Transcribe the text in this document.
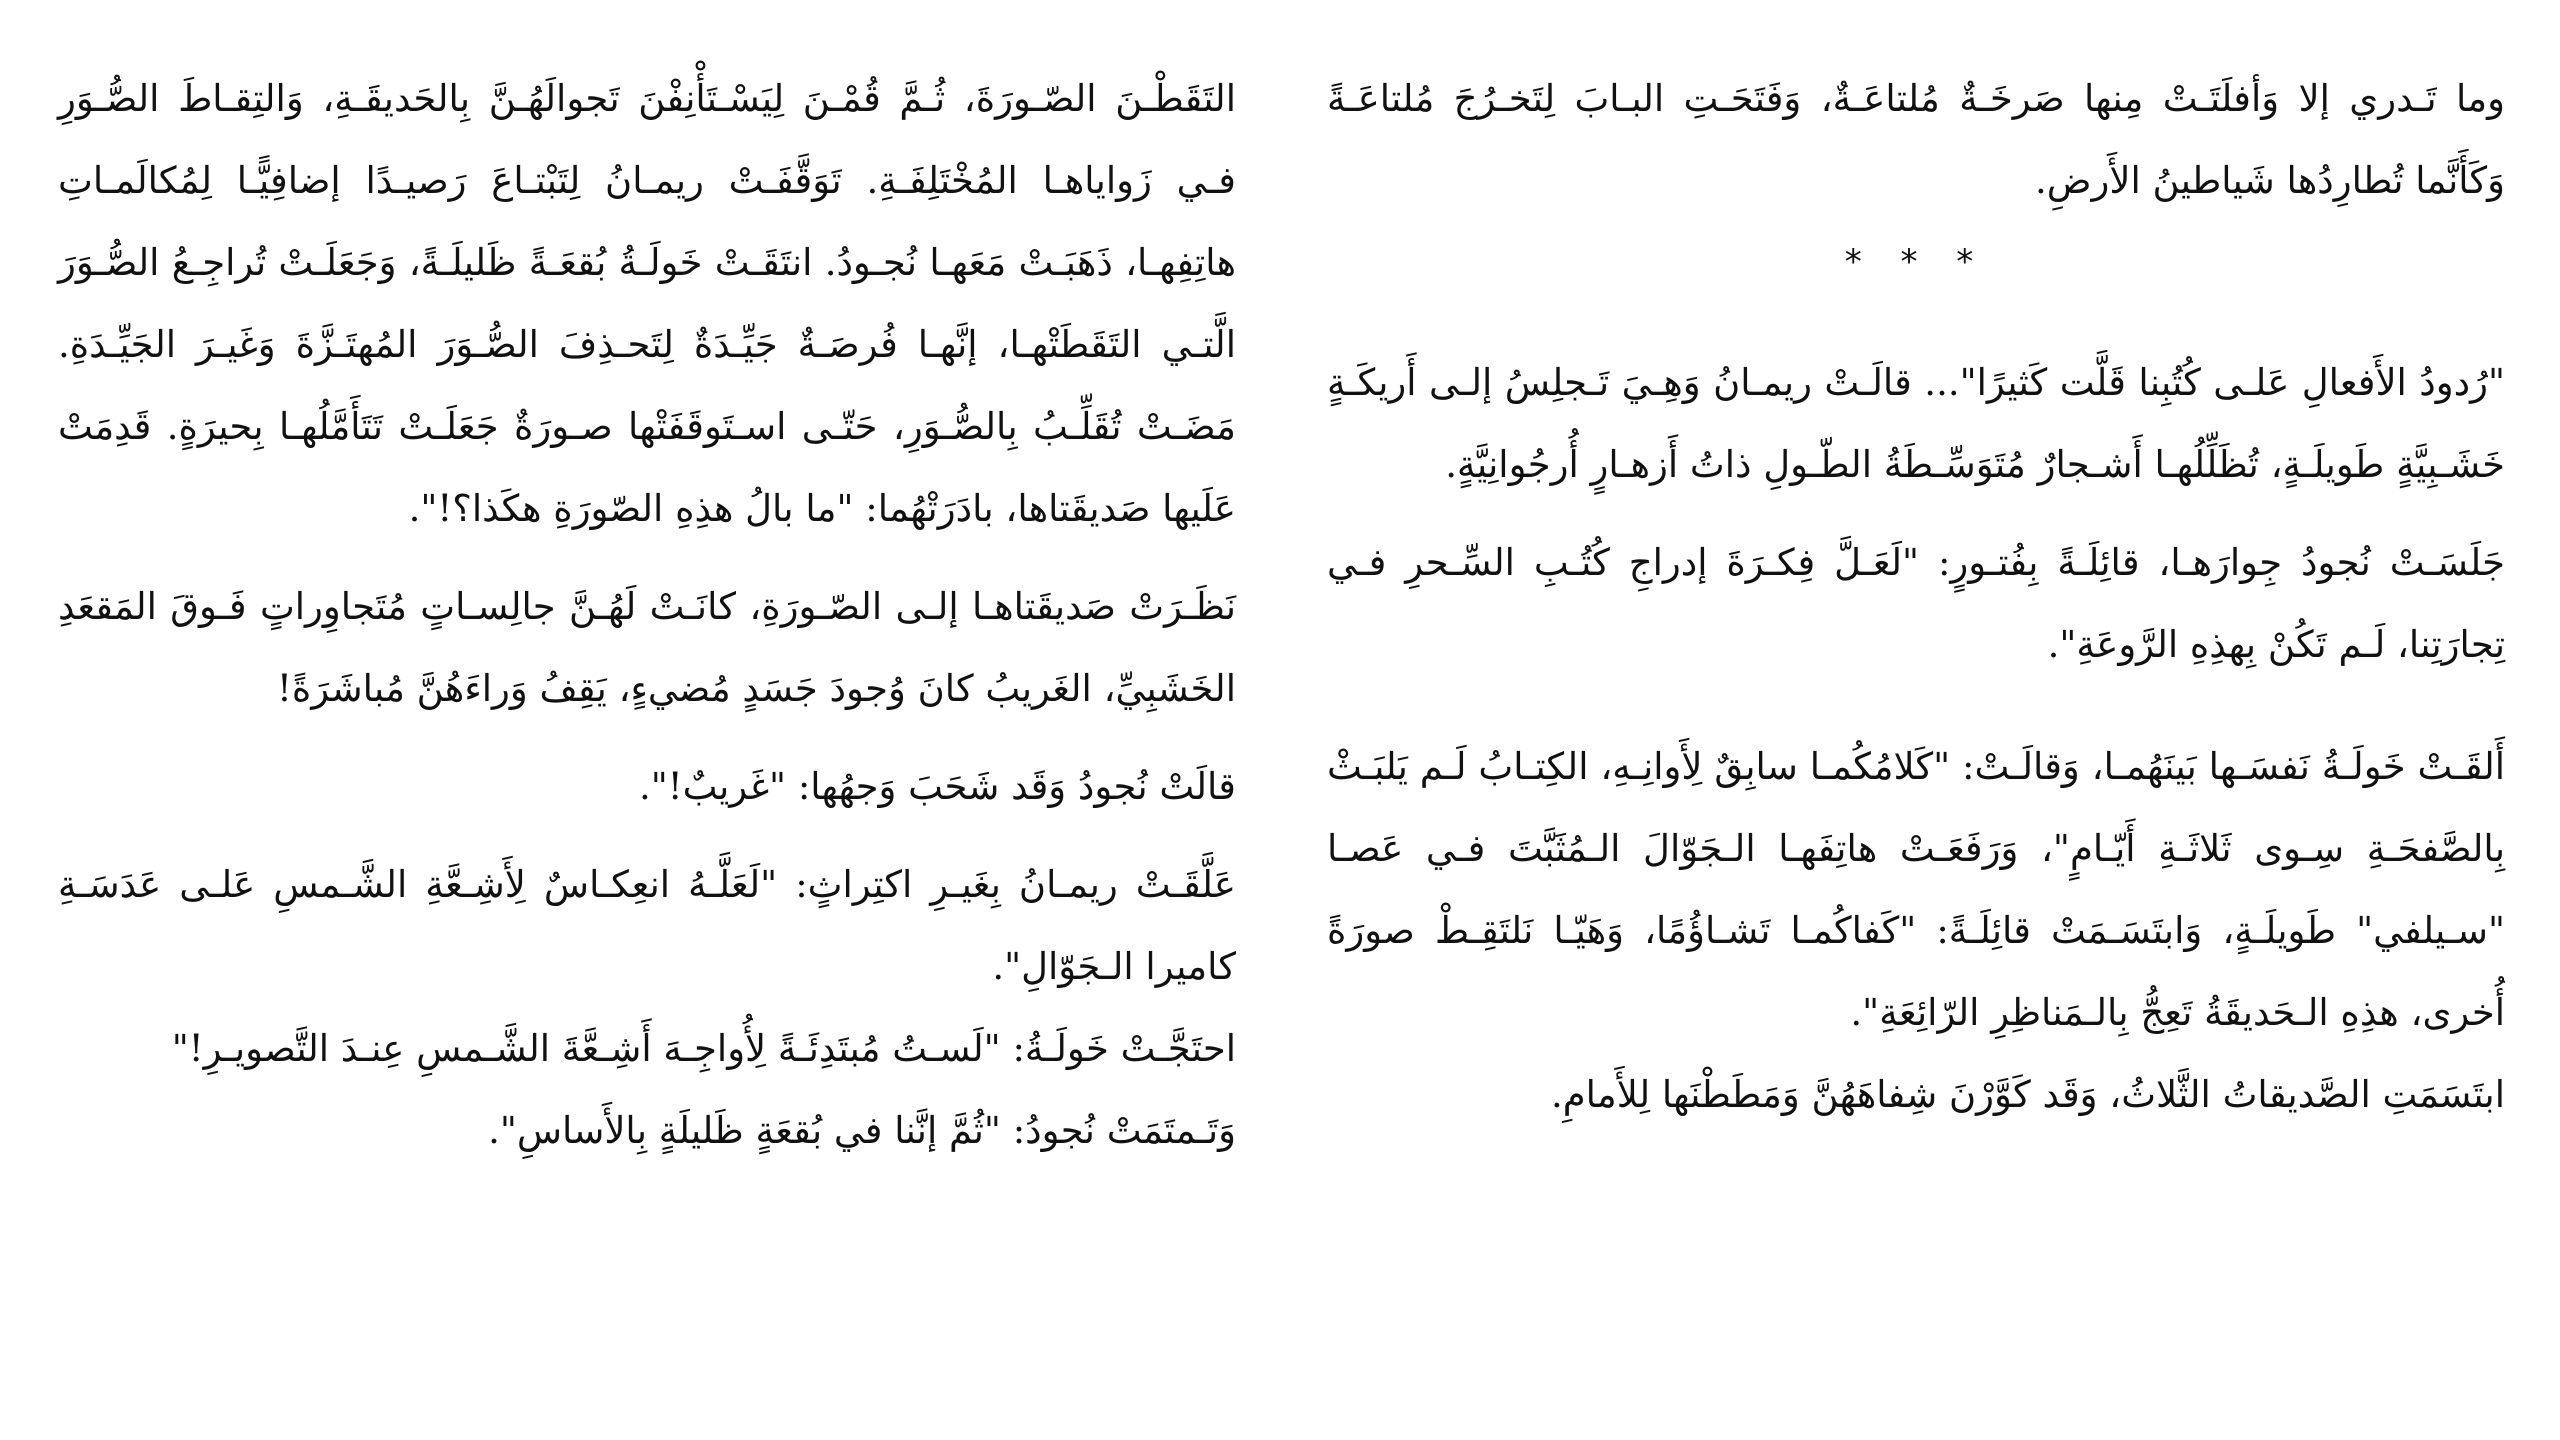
التَقَطْـنَ الصّـورَةَ، ثُـمَّ قُمْـنَ لِيَسْـتَأْنِفْنَ تَجوالَهُـنَّ بِالحَديقَـةِ، وَالتِقـاطَ الصُّـوَرِ فـي زَواياهـا المُخْتَلِفَـةِ. تَوَقَّفَـتْ ريمـانُ لِتَبْتـاعَ رَصيـدًا إضافِيًّـا لِمُكالَمـاتِ هاتِفِهـا، ذَهَبَـتْ مَعَهـا نُجـودُ. انتَقَـتْ خَولَـةُ بُقعَـةً ظَليلَـةً، وَجَعَلَـتْ تُراجِـعُ الصُّـوَرَ الَّتـي التَقَطَتْهـا، إنَّهـا فُرصَـةٌ جَيِّـدَةٌ لِتَحـذِفَ الصُّـوَرَ المُهتَـزَّةَ وَغَيـرَ الجَيِّـدَةِ. مَضَـتْ تُقَلِّـبُ بِالصُّـوَرِ، حَتّـى اسـتَوقَفَتْها صـورَةٌ جَعَلَـتْ تَتَأَمَّلُهـا بِحيرَةٍ. قَدِمَتْ عَلَيها صَديقَتاها، بادَرَتْهُما: "ما بالُ هذِهِ الصّورَةِ هكَذا؟!".

نَظَـرَتْ صَديقَتاهـا إلـى الصّـورَةِ، كانَـتْ لَهُـنَّ جالِسـاتٍ مُتَجاوِراتٍ فَـوقَ المَقعَدِ الخَشَبِيِّ، الغَريبُ كانَ وُجودَ جَسَدٍ مُضيءٍ، يَقِفُ وَراءَهُنَّ مُباشَرَةً!

قالَتْ نُجودُ وَقَد شَحَبَ وَجهُها: "غَريبٌ!".

عَلَّقَـتْ ريمـانُ بِغَيـرِ اكتِراثٍ: "لَعَلَّـهُ انعِكـاسٌ لِأَشِـعَّةِ الشَّـمسِ عَلـى عَدَسَـةِ كاميرا الـجَوّالِ".

احتَجَّـتْ خَولَـةُ: "لَسـتُ مُبتَدِئَـةً لِأُواجِـهَ أَشِـعَّةَ الشَّـمسِ عِنـدَ التَّصويـرِ!"

وَتَـمتَمَتْ نُجودُ: "ثُمَّ إنَّنا في بُقعَةٍ ظَليلَةٍ بِالأَساسِ".

وما تَـدري إلا وَأفلَتَـتْ مِنها صَرخَـةٌ مُلتاعَـةٌ، وَفَتَحَـتِ البـابَ لِتَخـرُجَ مُلتاعَـةً وَكَأَنَّما تُطارِدُها شَياطينُ الأَرضِ.

* * *

"رُدودُ الأَفعالِ عَلـى كُتُبِنا قَلَّت كَثيرًا"... قالَـتْ ريمـانُ وَهِـيَ تَـجلِسُ إلـى أَريكَـةٍ خَشَـبِيَّةٍ طَويلَـةٍ، تُظَلِّلُهـا أَشـجارٌ مُتَوَسِّـطَةُ الطّـولِ ذاتُ أَزهـارٍ أُرجُوانِيَّةٍ.

جَلَسَـتْ نُجودُ جِوارَهـا، قائِلَـةً بِفُتـورٍ: "لَعَـلَّ فِكـرَةَ إدراجِ كُتُـبِ السِّـحرِ فـي تِجارَتِنا، لَـم تَكُنْ بِهذِهِ الرَّوعَةِ".

أَلقَـتْ خَولَـةُ نَفسَـها بَينَهُمـا، وَقالَـتْ: "كَلامُكُمـا سابِقٌ لِأَوانِـهِ، الكِتـابُ لَـم يَلبَـثْ بِالصَّفحَـةِ سِـوى ثَلاثَـةِ أَيّـامٍ"، وَرَفَعَـتْ هاتِفَهـا الـجَوّالَ الـمُثَبَّتَ فـي عَصـا "سـيلفي" طَويلَـةٍ، وَابتَسَـمَتْ قائِلَـةً: "كَفاكُمـا تَشـاؤُمًا، وَهَيّـا نَلتَقِـطْ صورَةً أُخرى، هذِهِ الـحَديقَةُ تَعِجُّ بِالـمَناظِرِ الرّائِعَةِ".

ابتَسَمَتِ الصَّديقاتُ الثَّلاثُ، وَقَد كَوَّرْنَ شِفاهَهُنَّ وَمَطَطْنَها لِلأَمامِ.
